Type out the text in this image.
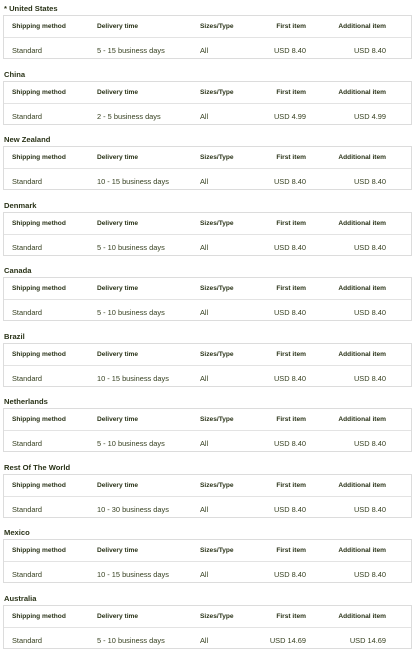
* United States
Shipping method	Delivery time	Sizes/Type	First item	Additional item
Standard	5 - 15 business days	All	USD 8.40	USD 8.40
China
Shipping method	Delivery time	Sizes/Type	First item	Additional item
Standard	2 - 5 business days	All	USD 4.99	USD 4.99
New Zealand
Shipping method	Delivery time	Sizes/Type	First item	Additional item
Standard	10 - 15 business days	All	USD 8.40	USD 8.40
Denmark
Shipping method	Delivery time	Sizes/Type	First item	Additional item
Standard	5 - 10 business days	All	USD 8.40	USD 8.40
Canada
Shipping method	Delivery time	Sizes/Type	First item	Additional item
Standard	5 - 10 business days	All	USD 8.40	USD 8.40
Brazil
Shipping method	Delivery time	Sizes/Type	First item	Additional item
Standard	10 - 15 business days	All	USD 8.40	USD 8.40
Netherlands
Shipping method	Delivery time	Sizes/Type	First item	Additional item
Standard	5 - 10 business days	All	USD 8.40	USD 8.40
Rest Of The World
Shipping method	Delivery time	Sizes/Type	First item	Additional item
Standard	10 - 30 business days	All	USD 8.40	USD 8.40
Mexico
Shipping method	Delivery time	Sizes/Type	First item	Additional item
Standard	10 - 15 business days	All	USD 8.40	USD 8.40
Australia
Shipping method	Delivery time	Sizes/Type	First item	Additional item
Standard	5 - 10 business days	All	USD 14.69	USD 14.69
